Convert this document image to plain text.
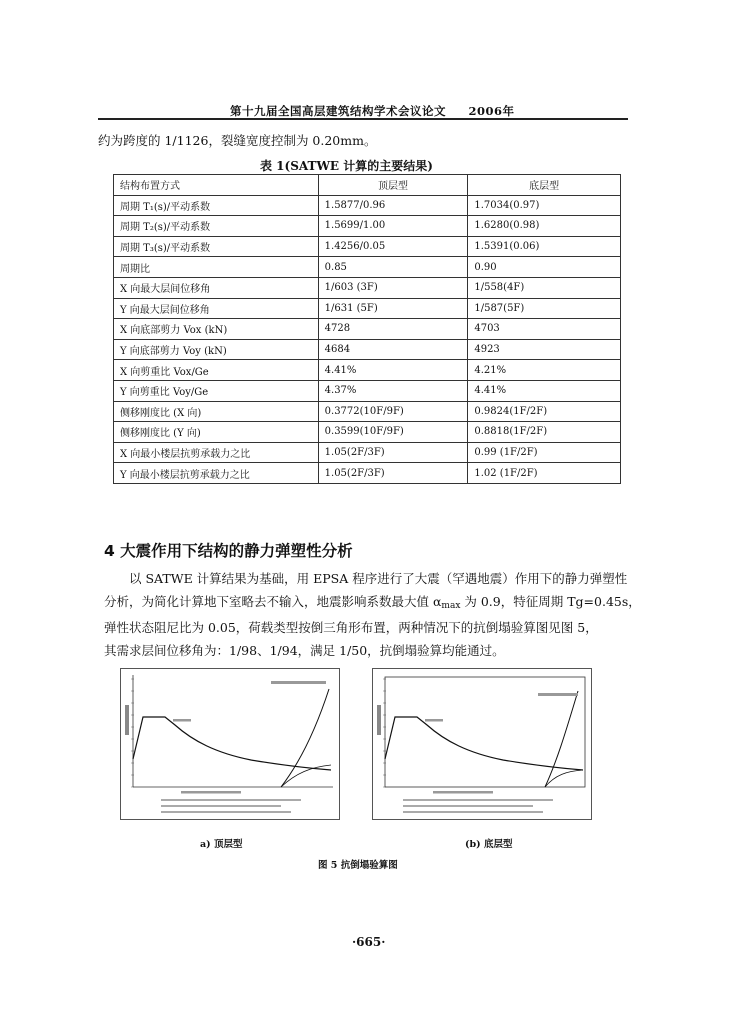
第十九届全国高层建筑结构学术会议论文 2006年
约为跨度的 1/1126，裂缝宽度控制为 0.20mm。
表 1(SATWE 计算的主要结果)
结构布置方式	顶层型	底层型
周期 T₁(s)/平动系数	1.5877/0.96	1.7034(0.97)
周期 T₂(s)/平动系数	1.5699/1.00	1.6280(0.98)
周期 T₃(s)/平动系数	1.4256/0.05	1.5391(0.06)
周期比	0.85	0.90
X 向最大层间位移角	1/603 (3F)	1/558(4F)
Y 向最大层间位移角	1/631 (5F)	1/587(5F)
X 向底部剪力 Vox (kN)	4728	4703
Y 向底部剪力 Voy (kN)	4684	4923
X 向剪重比 Vox/Ge	4.41%	4.21%
Y 向剪重比 Voy/Ge	4.37%	4.41%
侧移刚度比 (X 向)	0.3772(10F/9F)	0.9824(1F/2F)
侧移刚度比 (Y 向)	0.3599(10F/9F)	0.8818(1F/2F)
X 向最小楼层抗剪承载力之比	1.05(2F/3F)	0.99 (1F/2F)
Y 向最小楼层抗剪承载力之比	1.05(2F/3F)	1.02 (1F/2F)
4 大震作用下结构的静力弹塑性分析
以 SATWE 计算结果为基础，用 EPSA 程序进行了大震（罕遇地震）作用下的静力弹塑性
分析，为简化计算地下室略去不输入，地震影响系数最大值 $\alpha_{max}$ 为 0.9，特征周期 Tg=0.45s，
弹性状态阻尼比为 0.05，荷载类型按倒三角形布置，两种情况下的抗倒塌验算图见图 5，
其需求层间位移角为：1/98、1/94，满足 1/50，抗倒塌验算均能通过。
a) 顶层型	(b) 底层型
图 5 抗倒塌验算图
·665·
